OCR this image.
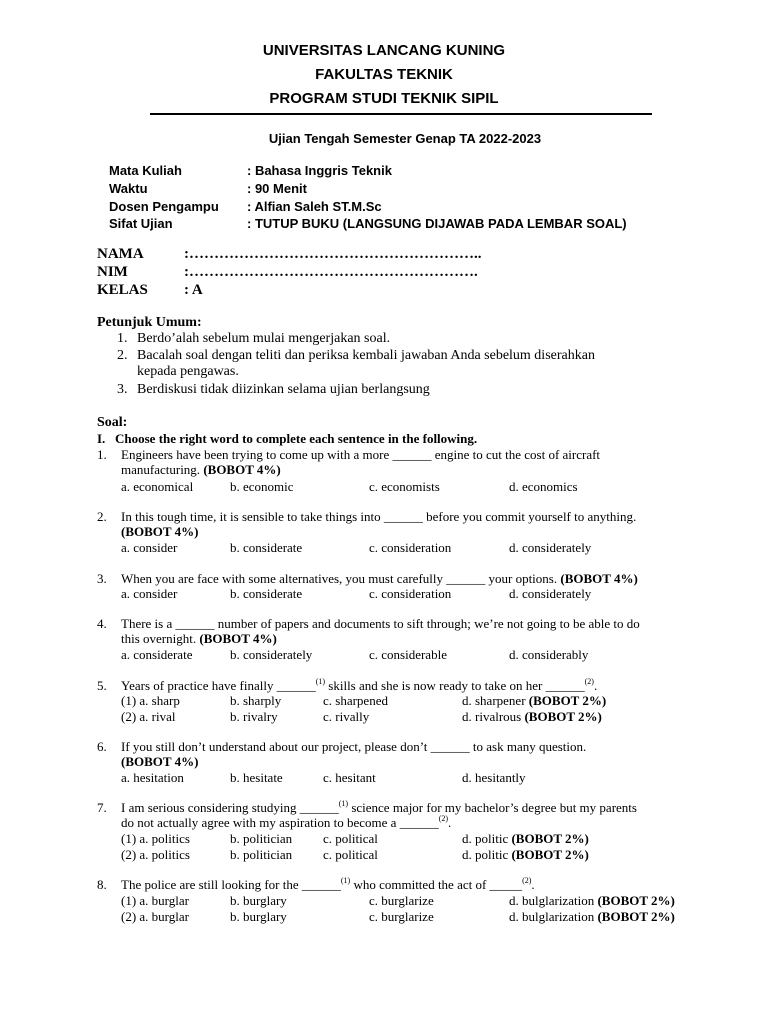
UNIVERSITAS LANCANG KUNING
FAKULTAS TEKNIK
PROGRAM STUDI TEKNIK SIPIL
Ujian Tengah Semester Genap TA 2022-2023
Mata Kuliah	: Bahasa Inggris Teknik
Waktu	: 90 Menit
Dosen Pengampu : Alfian Saleh ST.M.Sc
Sifat Ujian	: TUTUP BUKU (LANGSUNG DIJAWAB PADA LEMBAR SOAL)
NAMA	:…………………………………………………..
NIM	:………………………………………………….
KELAS : A
Petunjuk Umum:
1. Berdo’alah sebelum mulai mengerjakan soal.
2. Bacalah soal dengan teliti dan periksa kembali jawaban Anda sebelum diserahkan
kepada pengawas.
3. Berdiskusi tidak diizinkan selama ujian berlangsung
Soal:
I. Choose the right word to complete each sentence in the following.
1. Engineers have been trying to come up with a more ______ engine to cut the cost of aircraft
manufacturing. (BOBOT 4%)
a. economical	b. economic	c. economists	d. economics
2. In this tough time, it is sensible to take things into ______ before you commit yourself to anything.
(BOBOT 4%)
a. consider	b. considerate	c. consideration	d. considerately
3. When you are face with some alternatives, you must carefully ______ your options. (BOBOT 4%)
a. consider	b. considerate	c. consideration	d. considerately
4. There is a ______ number of papers and documents to sift through; we’re not going to be able to do
this overnight. (BOBOT 4%)
a. considerate	b. considerately	c. considerable	d. considerably
5. Years of practice have finally ______$^{(1)}$ skills and she is now ready to take on her ______$^{(2)}$.
(1) a. sharp	b. sharply	c. sharpened	d. sharpener (BOBOT 2%)
(2) a. rival	b. rivalry	c. rivally	d. rivalrous (BOBOT 2%)
6. If you still don’t understand about our project, please don’t ______ to ask many question.
(BOBOT 4%)
a. hesitation	b. hesitate	c. hesitant	d. hesitantly
7. I am serious considering studying ______$^{(1)}$ science major for my bachelor’s degree but my parents
do not actually agree with my aspiration to become a ______$^{(2)}$.
(1) a. politics	b. politician c. political	d. politic (BOBOT 2%)
(2) a. politics	b. politician c. political	d. politic (BOBOT 2%)
8. The police are still looking for the ______$^{(1)}$ who committed the act of _____$^{(2)}$.
(1) a. burglar	b. burglary	c. burglarize	d. bulglarization (BOBOT 2%)
(2) a. burglar	b. burglary	c. burglarize	d. bulglarization (BOBOT 2%)
